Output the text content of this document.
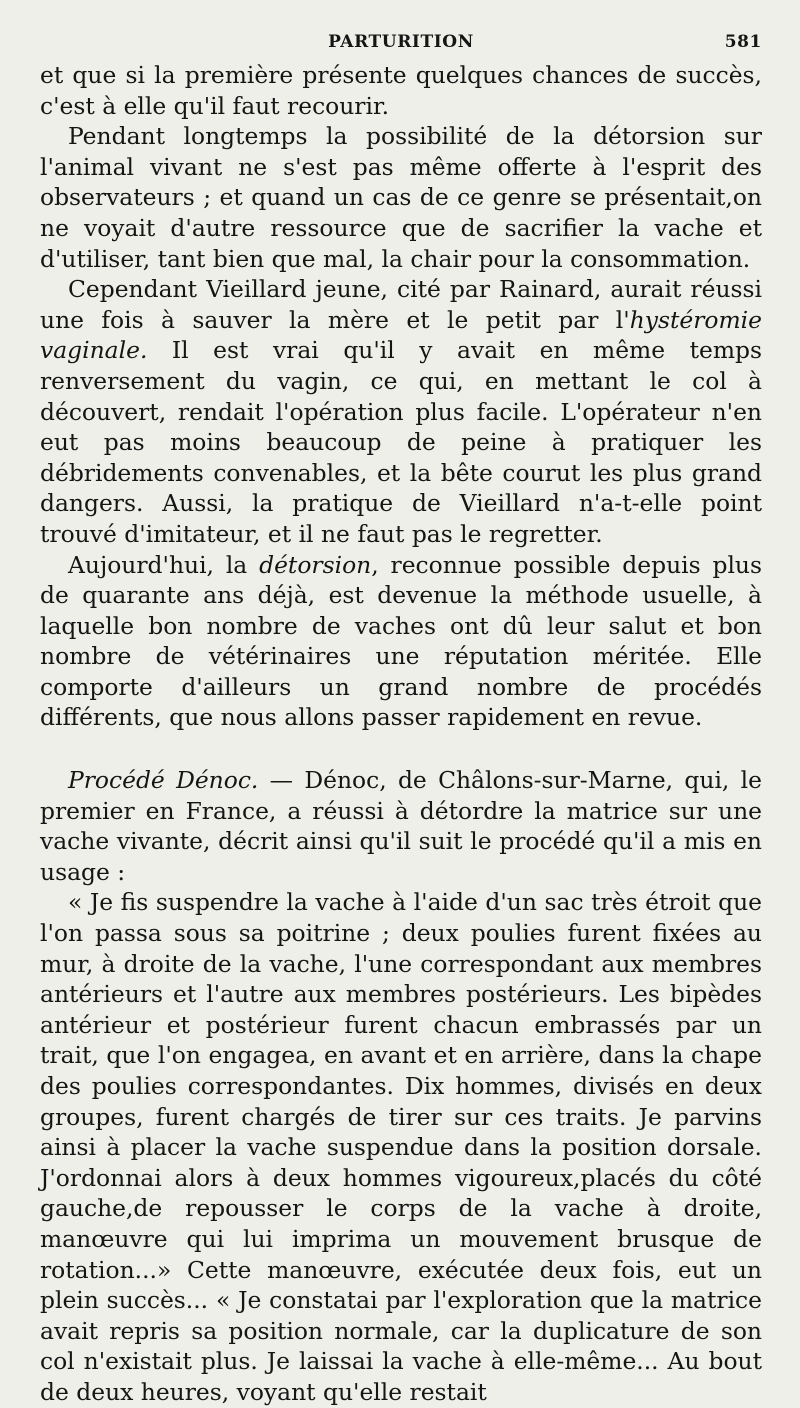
PARTURITION	581

et que si la première présente quelques chances de succès, c'est à elle qu'il faut recourir.

Pendant longtemps la possibilité de la détorsion sur l'animal vivant ne s'est pas même offerte à l'esprit des observateurs ; et quand un cas de ce genre se présentait,on ne voyait d'autre ressource que de sacrifier la vache et d'utiliser, tant bien que mal, la chair pour la consommation.

Cependant Vieillard jeune, cité par Rainard, aurait réussi une fois à sauver la mère et le petit par l'hystéromie vaginale. Il est vrai qu'il y avait en même temps renversement du vagin, ce qui, en mettant le col à découvert, rendait l'opération plus facile. L'opérateur n'en eut pas moins beaucoup de peine à pratiquer les débridements convenables, et la bête courut les plus grand dangers. Aussi, la pratique de Vieillard n'a-t-elle point trouvé d'imitateur, et il ne faut pas le regretter.

Aujourd'hui, la détorsion, reconnue possible depuis plus de quarante ans déjà, est devenue la méthode usuelle, à laquelle bon nombre de vaches ont dû leur salut et bon nombre de vétérinaires une réputation méritée. Elle comporte d'ailleurs un grand nombre de procédés différents, que nous allons passer rapidement en revue.

Procédé Dénoc. — Dénoc, de Châlons-sur-Marne, qui, le premier en France, a réussi à détordre la matrice sur une vache vivante, décrit ainsi qu'il suit le procédé qu'il a mis en usage :

« Je fis suspendre la vache à l'aide d'un sac très étroit que l'on passa sous sa poitrine ; deux poulies furent fixées au mur, à droite de la vache, l'une correspondant aux membres antérieurs et l'autre aux membres postérieurs. Les bipèdes antérieur et postérieur furent chacun embrassés par un trait, que l'on engagea, en avant et en arrière, dans la chape des poulies correspondantes. Dix hommes, divisés en deux groupes, furent chargés de tirer sur ces traits. Je parvins ainsi à placer la vache suspendue dans la position dorsale. J'ordonnai alors à deux hommes vigoureux,placés du côté gauche,de repousser le corps de la vache à droite, manœuvre qui lui imprima un mouvement brusque de rotation...» Cette manœuvre, exécutée deux fois, eut un plein succès... « Je constatai par l'exploration que la matrice avait repris sa position normale, car la duplicature de son col n'existait plus. Je laissai la vache à elle-même... Au bout de deux heures, voyant qu'elle restait
